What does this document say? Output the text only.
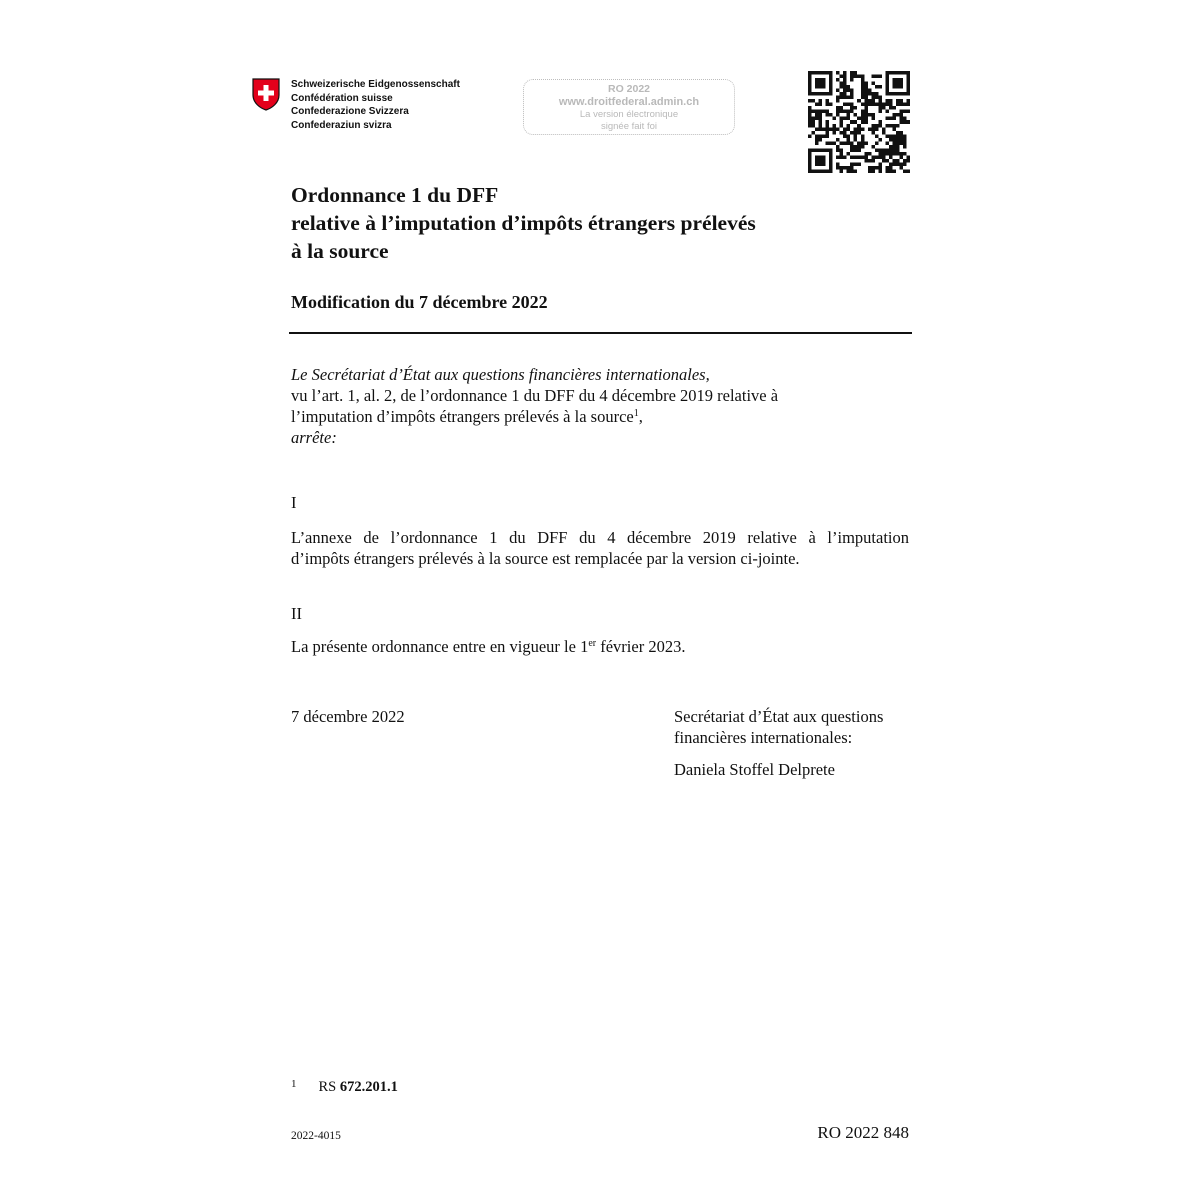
Schweizerische Eidgenossenschaft
Confédération suisse
Confederazione Svizzera
Confederaziun svizra
RO 2022
www.droitfederal.admin.ch
La version électronique
signée fait foi
Ordonnance 1 du DFF
relative à l’imputation d’impôts étrangers prélevés
à la source
Modification du 7 décembre 2022
Le Secrétariat d’État aux questions financières internationales,
vu l’art. 1, al. 2, de l’ordonnance 1 du DFF du 4 décembre 2019 relative à
l’imputation d’impôts étrangers prélevés à la source$^1$,
arrête:
I
L’annexe de l’ordonnance 1 du DFF du 4 décembre 2019 relative à l’imputation
d’impôts étrangers prélevés à la source est remplacée par la version ci-jointe.
II
La présente ordonnance entre en vigueur le 1er février 2023.
7 décembre 2022	Secrétariat d’État aux questions
financières internationales:
Daniela Stoffel Delprete
$^1$ RS 672.201.1
2022-4015	RO 2022 848
